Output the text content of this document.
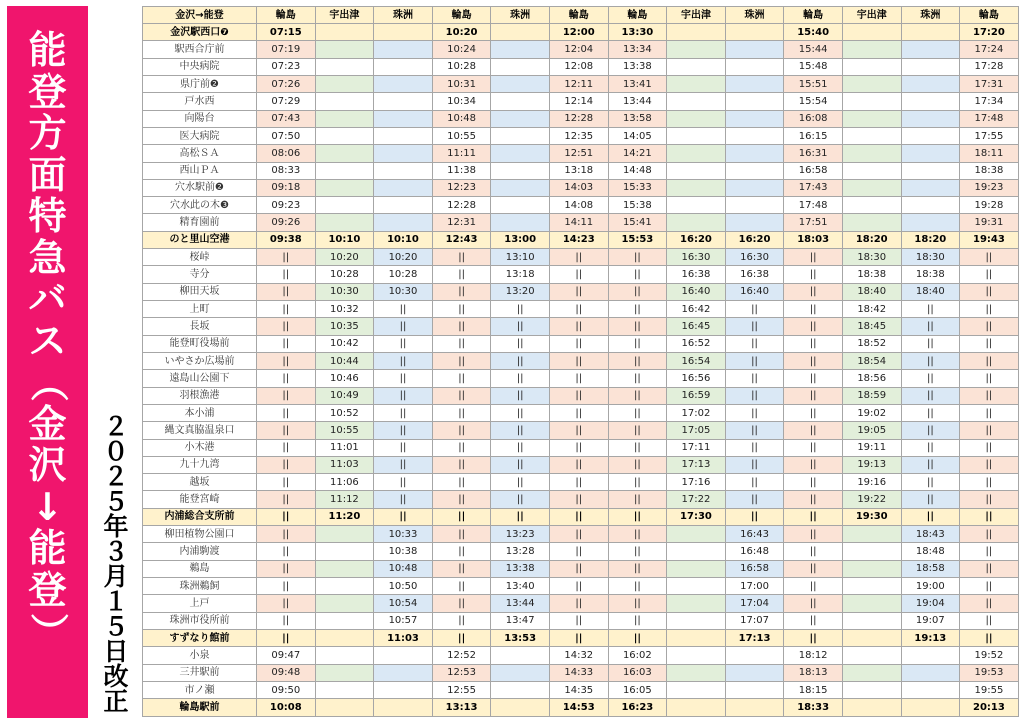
能
登
方
面
特
急
バ
ス
（
金
沢
↓
能
登
）
２
０
２
５
年
３
月
１
５
日
改
正
金沢→能登	輪島	宇出津	珠洲	輪島	珠洲	輪島	輪島	宇出津	珠洲	輪島	宇出津	珠洲	輪島
金沢駅西口❼	07:15			10:20		12:00	13:30			15:40			17:20
駅西合庁前	07:19			10:24		12:04	13:34			15:44			17:24
中央病院	07:23			10:28		12:08	13:38			15:48			17:28
県庁前❷	07:26			10:31		12:11	13:41			15:51			17:31
戸水西	07:29			10:34		12:14	13:44			15:54			17:34
向陽台	07:43			10:48		12:28	13:58			16:08			17:48
医大病院	07:50			10:55		12:35	14:05			16:15			17:55
高松ＳＡ	08:06			11:11		12:51	14:21			16:31			18:11
西山ＰＡ	08:33			11:38		13:18	14:48			16:58			18:38
穴水駅前❷	09:18			12:23		14:03	15:33			17:43			19:23
穴水此の木❸	09:23			12:28		14:08	15:38			17:48			19:28
精育園前	09:26			12:31		14:11	15:41			17:51			19:31
のと里山空港	09:38	10:10	10:10	12:43	13:00	14:23	15:53	16:20	16:20	18:03	18:20	18:20	19:43
桜峠	||	10:20	10:20	||	13:10	||	||	16:30	16:30	||	18:30	18:30	||
寺分	||	10:28	10:28	||	13:18	||	||	16:38	16:38	||	18:38	18:38	||
柳田天坂	||	10:30	10:30	||	13:20	||	||	16:40	16:40	||	18:40	18:40	||
上町	||	10:32	||	||	||	||	||	16:42	||	||	18:42	||	||
長坂	||	10:35	||	||	||	||	||	16:45	||	||	18:45	||	||
能登町役場前	||	10:42	||	||	||	||	||	16:52	||	||	18:52	||	||
いやさか広場前	||	10:44	||	||	||	||	||	16:54	||	||	18:54	||	||
遠島山公園下	||	10:46	||	||	||	||	||	16:56	||	||	18:56	||	||
羽根漁港	||	10:49	||	||	||	||	||	16:59	||	||	18:59	||	||
本小浦	||	10:52	||	||	||	||	||	17:02	||	||	19:02	||	||
縄文真脇温泉口	||	10:55	||	||	||	||	||	17:05	||	||	19:05	||	||
小木港	||	11:01	||	||	||	||	||	17:11	||	||	19:11	||	||
九十九湾	||	11:03	||	||	||	||	||	17:13	||	||	19:13	||	||
越坂	||	11:06	||	||	||	||	||	17:16	||	||	19:16	||	||
能登宮崎	||	11:12	||	||	||	||	||	17:22	||	||	19:22	||	||
内浦総合支所前	||	11:20	||	||	||	||	||	17:30	||	||	19:30	||	||
柳田植物公園口	||		10:33	||	13:23	||	||		16:43	||		18:43	||
内浦駒渡	||		10:38	||	13:28	||	||		16:48	||		18:48	||
鵜島	||		10:48	||	13:38	||	||		16:58	||		18:58	||
珠洲鵜飼	||		10:50	||	13:40	||	||		17:00	||		19:00	||
上戸	||		10:54	||	13:44	||	||		17:04	||		19:04	||
珠洲市役所前	||		10:57	||	13:47	||	||		17:07	||		19:07	||
すずなり館前	||		11:03	||	13:53	||	||		17:13	||		19:13	||
小泉	09:47			12:52		14:32	16:02			18:12			19:52
三井駅前	09:48			12:53		14:33	16:03			18:13			19:53
市ノ瀬	09:50			12:55		14:35	16:05			18:15			19:55
輪島駅前	10:08			13:13		14:53	16:23			18:33			20:13
